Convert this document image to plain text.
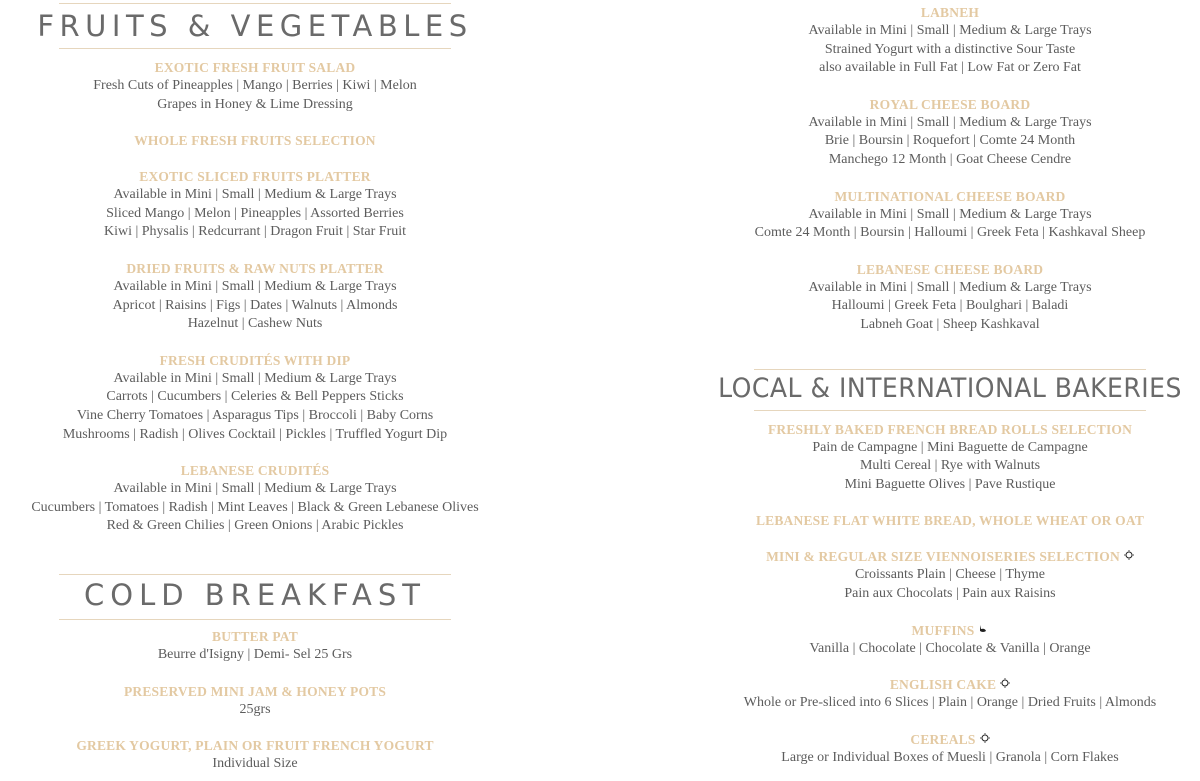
FRUITS & VEGETABLES
EXOTIC FRESH FRUIT SALAD
Fresh Cuts of Pineapples | Mango | Berries | Kiwi | Melon
Grapes in Honey & Lime Dressing
WHOLE FRESH FRUITS SELECTION
EXOTIC SLICED FRUITS PLATTER
Available in Mini | Small | Medium & Large Trays
Sliced Mango | Melon | Pineapples | Assorted Berries
Kiwi | Physalis | Redcurrant | Dragon Fruit | Star Fruit
DRIED FRUITS & RAW NUTS PLATTER
Available in Mini | Small | Medium & Large Trays
Apricot | Raisins | Figs | Dates | Walnuts | Almonds
Hazelnut | Cashew Nuts
FRESH CRUDITÉS WITH DIP
Available in Mini | Small | Medium & Large Trays
Carrots | Cucumbers | Celeries & Bell Peppers Sticks
Vine Cherry Tomatoes | Asparagus Tips | Broccoli | Baby Corns
Mushrooms | Radish | Olives Cocktail | Pickles | Truffled Yogurt Dip
LEBANESE CRUDITÉS
Available in Mini | Small | Medium & Large Trays
Cucumbers | Tomatoes | Radish | Mint Leaves | Black & Green Lebanese Olives
Red & Green Chilies | Green Onions | Arabic Pickles
COLD BREAKFAST
BUTTER PAT
Beurre d'Isigny | Demi- Sel 25 Grs
PRESERVED MINI JAM & HONEY POTS
25grs
GREEK YOGURT, PLAIN OR FRUIT FRENCH YOGURT
Individual Size
LABNEH
Available in Mini | Small | Medium & Large Trays
Strained Yogurt with a distinctive Sour Taste
also available in Full Fat | Low Fat or Zero Fat
ROYAL CHEESE BOARD
Available in Mini | Small | Medium & Large Trays
Brie | Boursin | Roquefort | Comte 24 Month
Manchego 12 Month | Goat Cheese Cendre
MULTINATIONAL CHEESE BOARD
Available in Mini | Small | Medium & Large Trays
Comte 24 Month | Boursin | Halloumi | Greek Feta | Kashkaval Sheep
LEBANESE CHEESE BOARD
Available in Mini | Small | Medium & Large Trays
Halloumi | Greek Feta | Boulghari | Baladi
Labneh Goat | Sheep Kashkaval
LOCAL & INTERNATIONAL BAKERIES
FRESHLY BAKED FRENCH BREAD ROLLS SELECTION
Pain de Campagne | Mini Baguette de Campagne
Multi Cereal | Rye with Walnuts
Mini Baguette Olives | Pave Rustique
LEBANESE FLAT WHITE BREAD, WHOLE WHEAT OR OAT
MINI & REGULAR SIZE VIENNOISERIES SELECTION
Croissants Plain | Cheese | Thyme
Pain aux Chocolats | Pain aux Raisins
MUFFINS
Vanilla | Chocolate | Chocolate & Vanilla | Orange
ENGLISH CAKE
Whole or Pre-sliced into 6 Slices | Plain | Orange | Dried Fruits | Almonds
CEREALS
Large or Individual Boxes of Muesli | Granola | Corn Flakes
